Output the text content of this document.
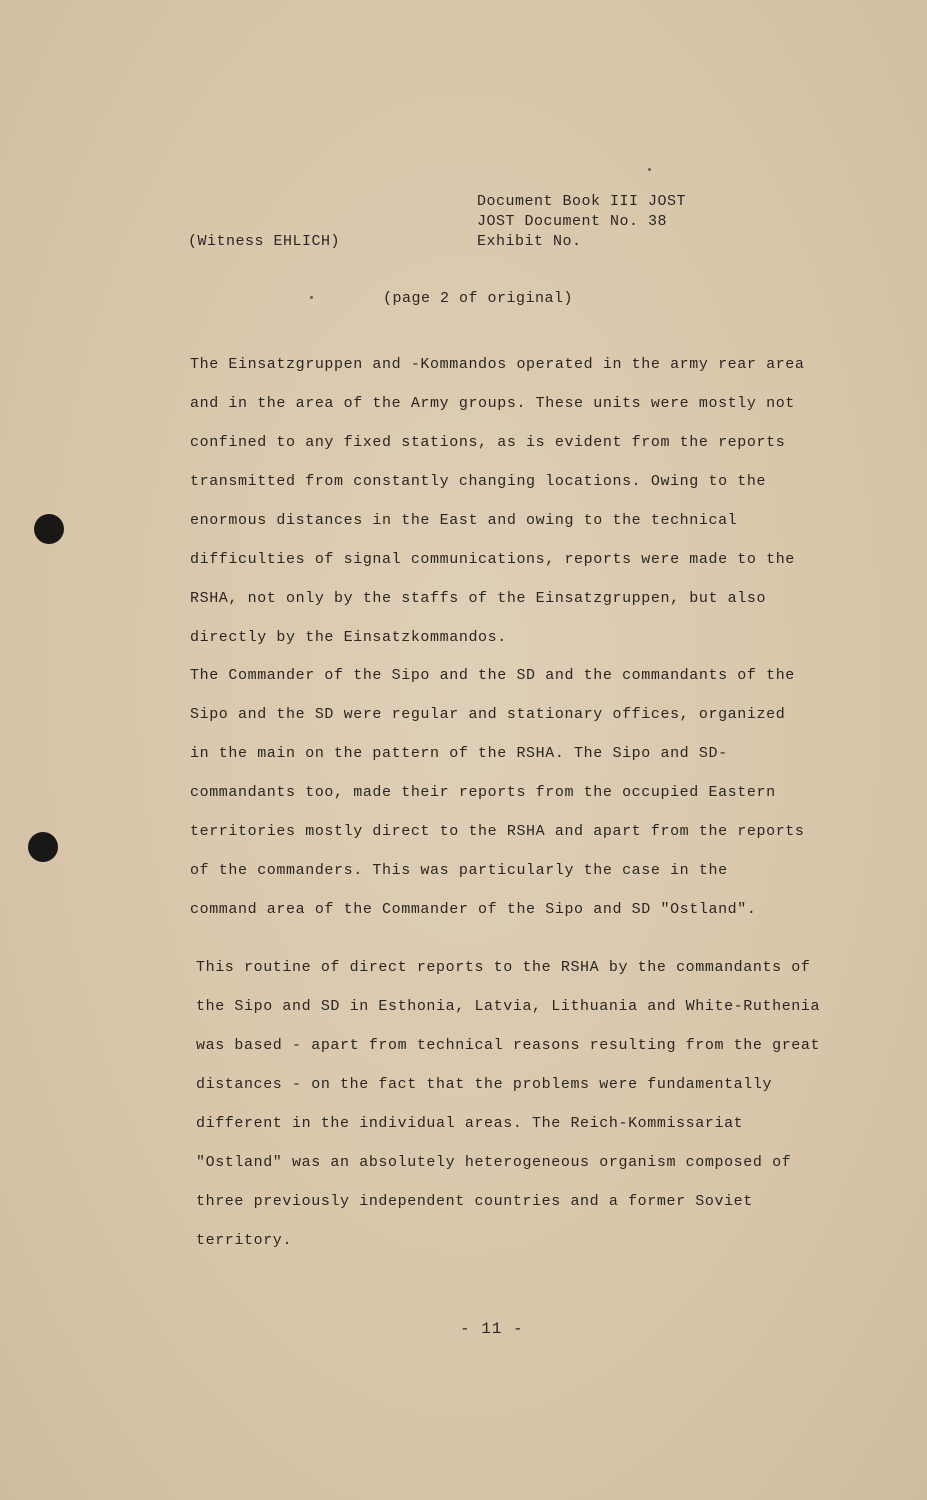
Document Book III JOST
JOST Document No. 38
Exhibit No.
(Witness EHLICH)
(page 2 of original)
The Einsatzgruppen and -Kommandos operated in the army rear area
and in the area of the Army groups. These units were mostly not
confined to any fixed stations, as is evident from the reports
transmitted from constantly changing locations. Owing to the
enormous distances in the East and owing to the technical
difficulties of signal communications, reports were made to the
RSHA, not only by the staffs of the Einsatzgruppen, but also
directly by the Einsatzkommandos.
The Commander of the Sipo and the SD and the commandants of the
Sipo and the SD were regular and stationary offices, organized
in the main on the pattern of the RSHA. The Sipo and SD-
commandants too, made their reports from the occupied Eastern
territories mostly direct to the RSHA and apart from the reports
of the commanders. This was particularly the case in the
command area of the Commander of the Sipo and SD "Ostland".
This routine of direct reports to the RSHA by the commandants of
the Sipo and SD in Esthonia, Latvia, Lithuania and White-Ruthenia
was based - apart from technical reasons resulting from the great
distances - on the fact that the problems were fundamentally
different in the individual areas. The Reich-Kommissariat
"Ostland" was an absolutely heterogeneous organism composed of
three previously independent countries and a former Soviet
territory.
- 11 -
